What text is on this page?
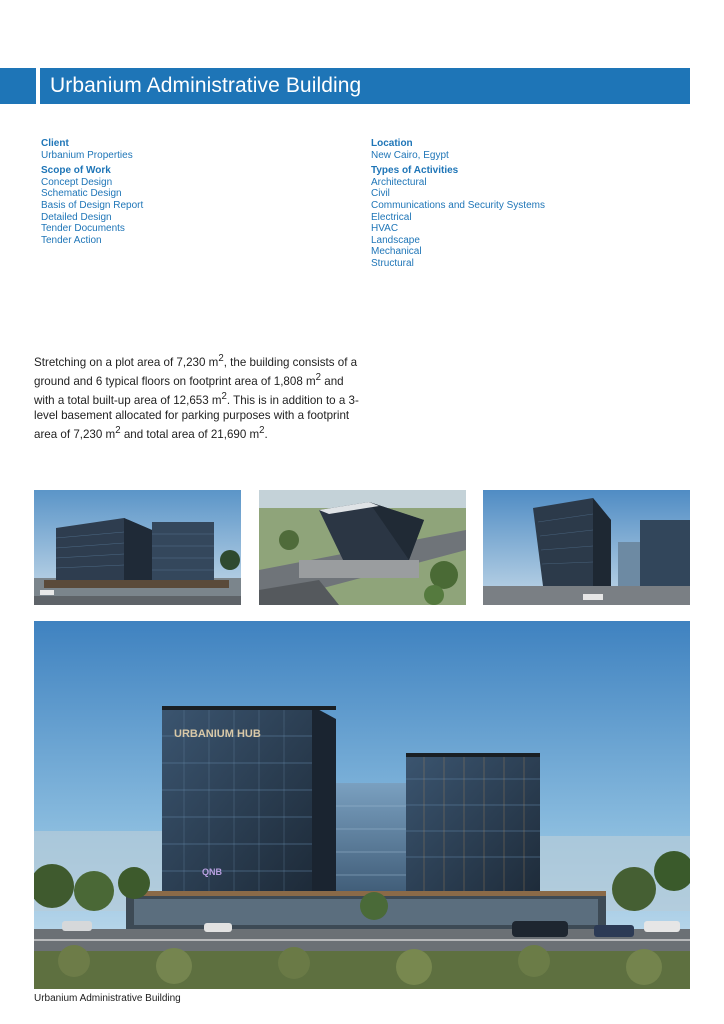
Urbanium Administrative Building
Client
Urbanium Properties
Scope of Work
Concept Design
Schematic Design
Basis of Design Report
Detailed Design
Tender Documents
Tender Action
Location
New Cairo, Egypt
Types of Activities
Architectural
Civil
Communications and Security Systems
Electrical
HVAC
Landscape
Mechanical
Structural

Stretching on a plot area of 7,230 $m^2$, the building consists of a ground and 6 typical floors on footprint area of 1,808 $m^2$ and with a total built-up area of 12,653 $m^2$. This is in addition to a 3-level basement allocated for parking purposes with a footprint area of 7,230 $m^2$ and total area of 21,690 $m^2$.

URBANIUM HUB
QNB
Urbanium Administrative Building
